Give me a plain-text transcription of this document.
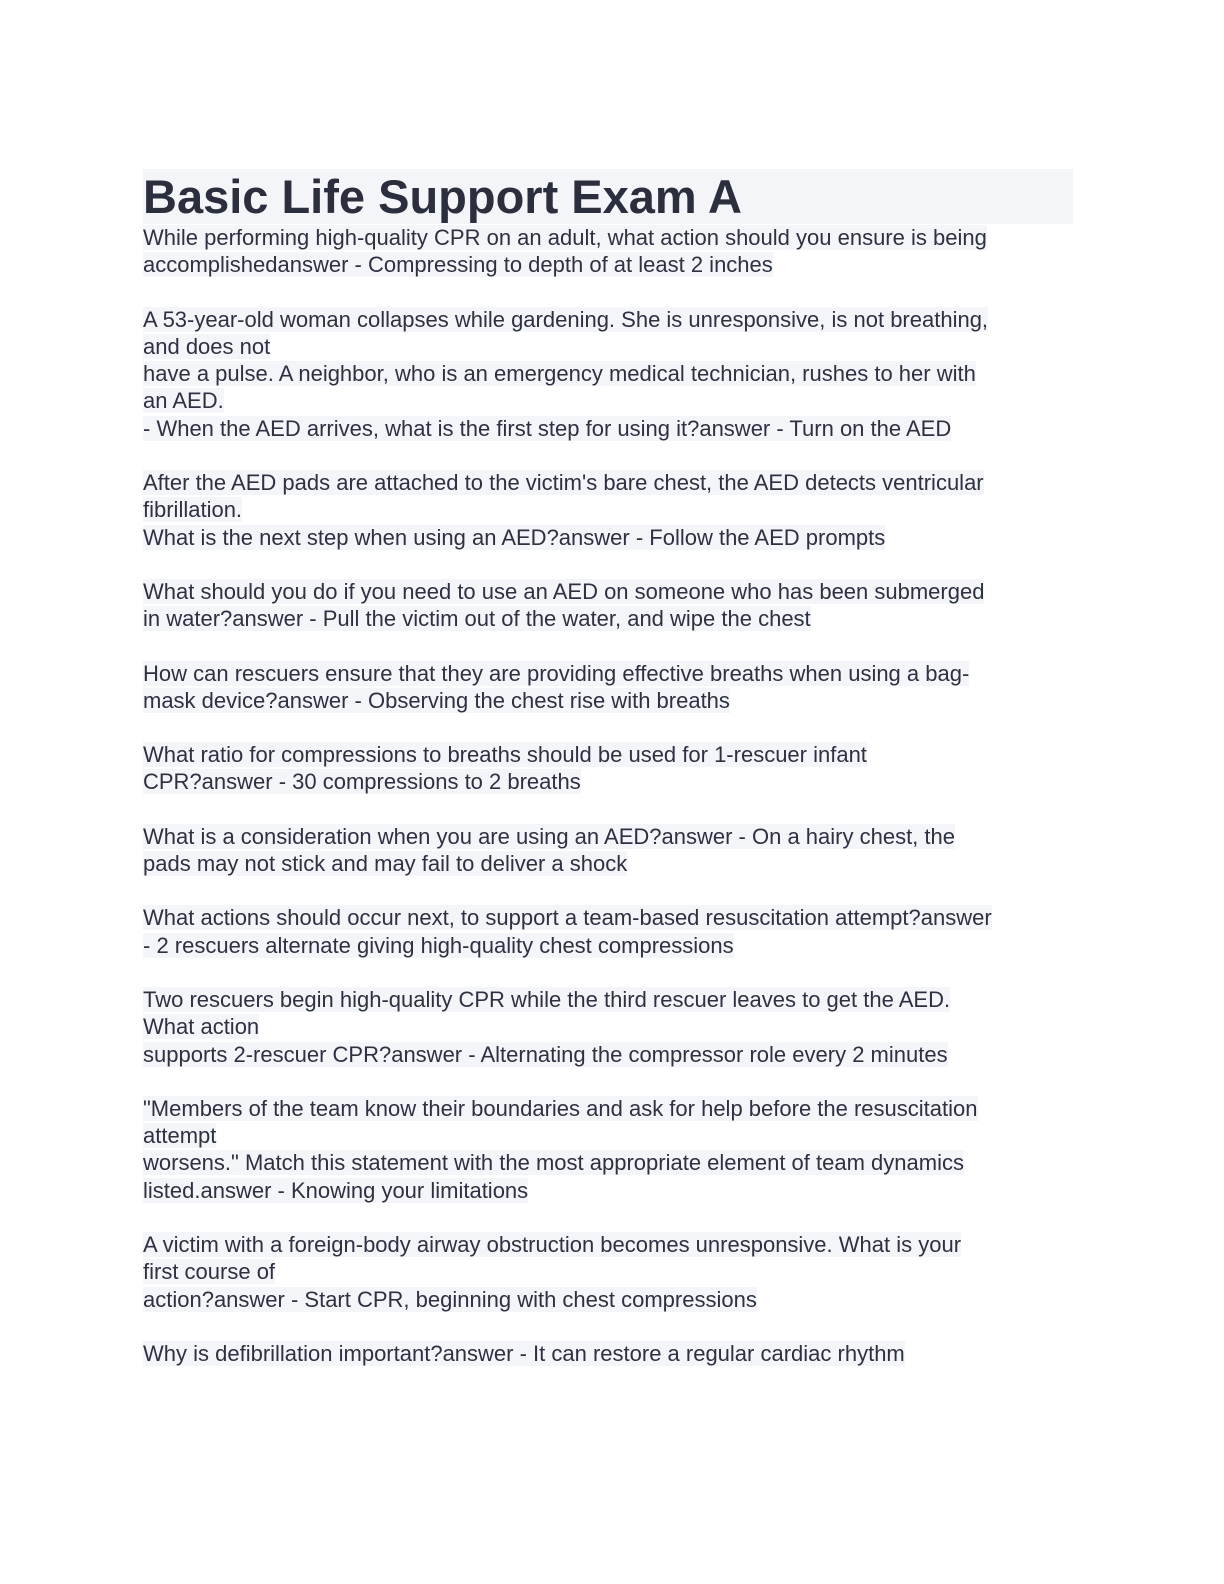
Basic Life Support Exam A
While performing high-quality CPR on an adult, what action should you ensure is being
accomplishedanswer - Compressing to depth of at least 2 inches
A 53-year-old woman collapses while gardening. She is unresponsive, is not breathing,
and does not
have a pulse. A neighbor, who is an emergency medical technician, rushes to her with
an AED.
- When the AED arrives, what is the first step for using it?answer - Turn on the AED
After the AED pads are attached to the victim's bare chest, the AED detects ventricular
fibrillation.
What is the next step when using an AED?answer - Follow the AED prompts
What should you do if you need to use an AED on someone who has been submerged
in water?answer - Pull the victim out of the water, and wipe the chest
How can rescuers ensure that they are providing effective breaths when using a bag-
mask device?answer - Observing the chest rise with breaths
What ratio for compressions to breaths should be used for 1-rescuer infant
CPR?answer - 30 compressions to 2 breaths
What is a consideration when you are using an AED?answer - On a hairy chest, the
pads may not stick and may fail to deliver a shock
What actions should occur next, to support a team-based resuscitation attempt?answer
- 2 rescuers alternate giving high-quality chest compressions
Two rescuers begin high-quality CPR while the third rescuer leaves to get the AED.
What action
supports 2-rescuer CPR?answer - Alternating the compressor role every 2 minutes
"Members of the team know their boundaries and ask for help before the resuscitation
attempt
worsens." Match this statement with the most appropriate element of team dynamics
listed.answer - Knowing your limitations
A victim with a foreign-body airway obstruction becomes unresponsive. What is your
first course of
action?answer - Start CPR, beginning with chest compressions
Why is defibrillation important?answer - It can restore a regular cardiac rhythm
